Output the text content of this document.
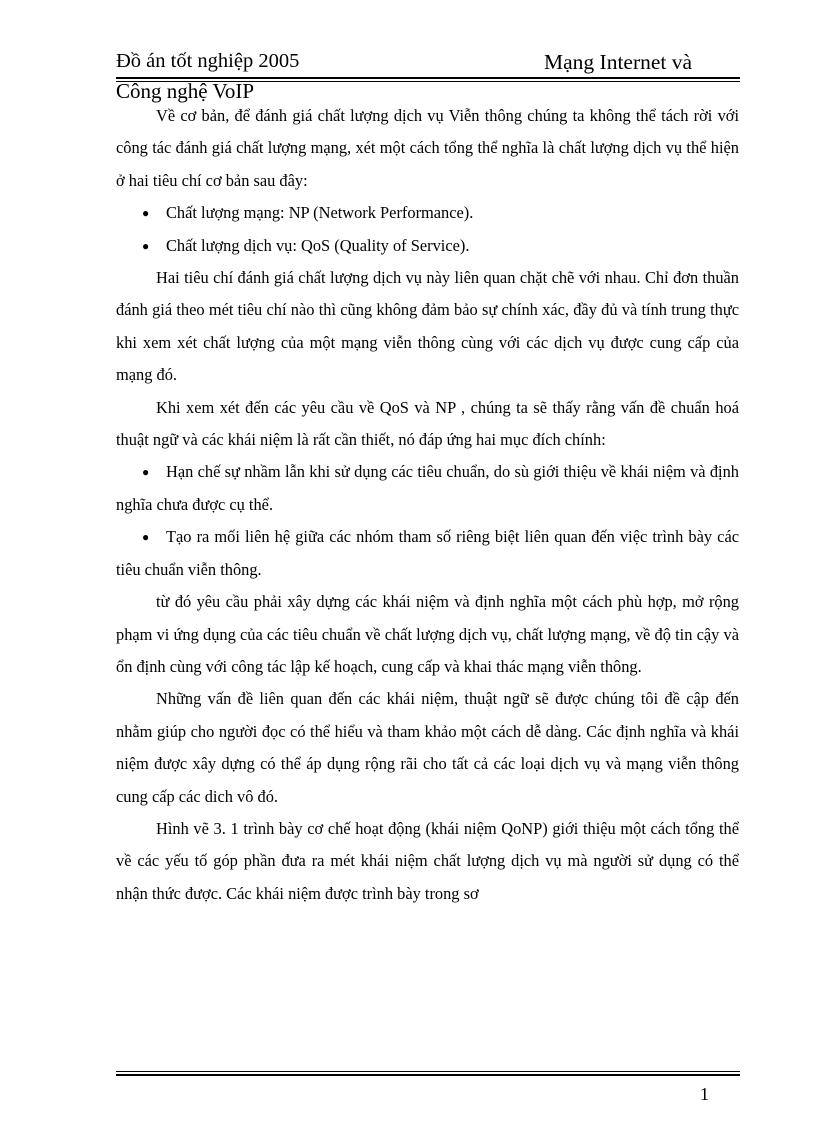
Đồ án tốt nghiệp 2005	Mạng Internet và
Công nghệ VoIP

Về cơ bản, để đánh giá chất lượng dịch vụ Viễn thông chúng ta không thể tách rời với công tác đánh giá chất lượng mạng, xét một cách tổng thể nghĩa là chất lượng dịch vụ thể hiện ở hai tiêu chí cơ bản sau đây:

● Chất lượng mạng: NP (Network Performance).
● Chất lượng dịch vụ: QoS (Quality of Service).

Hai tiêu chí đánh giá chất lượng dịch vụ này liên quan chặt chẽ với nhau. Chỉ đơn thuần đánh giá theo mét tiêu chí nào thì cũng không đảm bảo sự chính xác, đầy đủ và tính trung thực khi xem xét chất lượng của một mạng viễn thông cùng với các dịch vụ được cung cấp của mạng đó.

Khi xem xét đến các yêu cầu về QoS và NP , chúng ta sẽ thấy rằng vấn đề chuẩn hoá thuật ngữ và các khái niệm là rất cần thiết, nó đáp ứng hai mục đích chính:

● Hạn chế sự nhầm lẫn khi sử dụng các tiêu chuẩn, do sù giới thiệu về khái niệm và định nghĩa chưa được cụ thể.
● Tạo ra mối liên hệ giữa các nhóm tham số riêng biệt liên quan đến việc trình bày các tiêu chuẩn viễn thông.

từ đó yêu cầu phải xây dựng các khái niệm và định nghĩa một cách phù hợp, mở rộng phạm vi ứng dụng của các tiêu chuẩn về chất lượng dịch vụ, chất lượng mạng, về độ tin cậy và ổn định cùng với công tác lập kế hoạch, cung cấp và khai thác mạng viễn thông.

Những vấn đề liên quan đến các khái niệm, thuật ngữ sẽ được chúng tôi đề cập đến nhằm giúp cho người đọc có thể hiểu và tham khảo một cách dễ dàng. Các định nghĩa và khái niệm được xây dựng có thể áp dụng rộng rãi cho tất cả các loại dịch vụ và mạng viễn thông cung cấp các dich vô đó.

Hình vẽ 3. 1 trình bày cơ chế hoạt động (khái niệm QoNP) giới thiệu một cách tổng thể về các yếu tố góp phần đưa ra mét khái niệm chất lượng dịch vụ mà người sử dụng có thể nhận thức được. Các khái niệm được trình bày trong sơ

1
